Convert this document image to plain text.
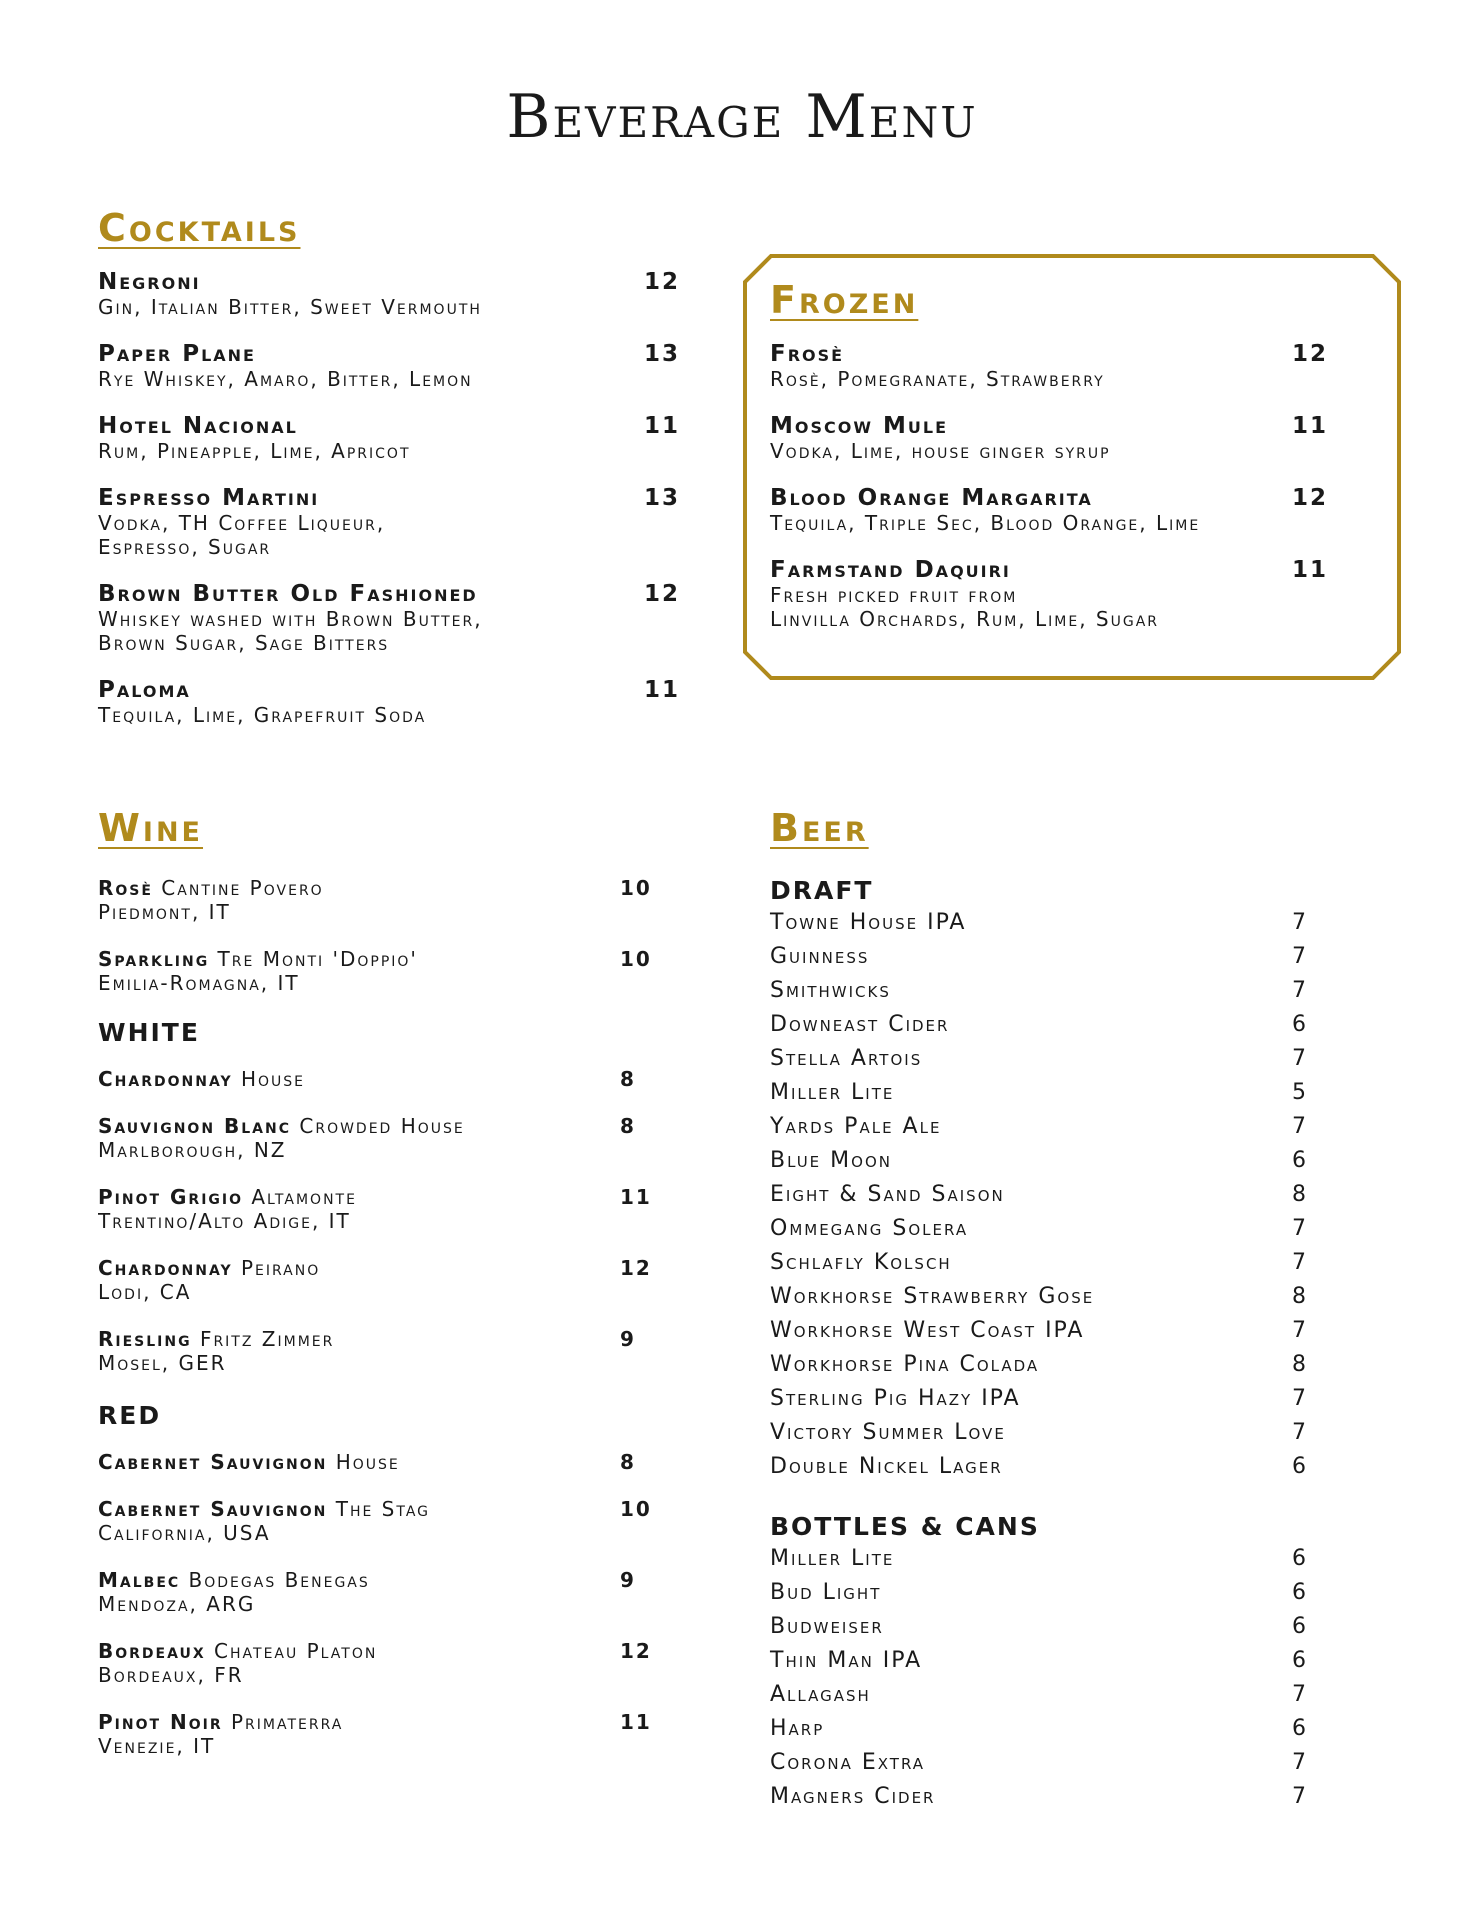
Beverage Menu
Cocktails
Negroni
Gin, Italian Bitter, Sweet Vermouth
12
Paper Plane
Rye Whiskey, Amaro, Bitter, Lemon
13
Hotel Nacional
Rum, Pineapple, Lime, Apricot
11
Espresso Martini
Vodka, TH Coffee Liqueur,
Espresso, Sugar
13
Brown Butter Old Fashioned
Whiskey washed with Brown Butter,
Brown Sugar, Sage Bitters
12
Paloma
Tequila, Lime, Grapefruit Soda
11
Frozen
Frosè
Rosè, Pomegranate, Strawberry
12
Moscow Mule
Vodka, Lime, house ginger syrup
11
Blood Orange Margarita
Tequila, Triple Sec, Blood Orange, Lime
12
Farmstand Daquiri
Fresh picked fruit from
Linvilla Orchards, Rum, Lime, Sugar
11
Wine
Rosè Cantine Povero
Piedmont, IT
10
Sparkling Tre Monti 'Doppio'
Emilia-Romagna, IT
10
WHITE
Chardonnay House	8
Sauvignon Blanc Crowded House
Marlborough, NZ
8
Pinot Grigio Altamonte
Trentino/Alto Adige, IT
11
Chardonnay Peirano
Lodi, CA
12
Riesling Fritz Zimmer
Mosel, GER
9
RED
Cabernet Sauvignon House	8
Cabernet Sauvignon The Stag
California, USA
10
Malbec Bodegas Benegas
Mendoza, ARG
9
Bordeaux Chateau Platon
Bordeaux, FR
12
Pinot Noir Primaterra
Venezie, IT
11
Beer
DRAFT
Towne House IPA	7
Guinness	7
Smithwicks	7
Downeast Cider	6
Stella Artois	7
Miller Lite	5
Yards Pale Ale	7
Blue Moon	6
Eight & Sand Saison	8
Ommegang Solera	7
Schlafly Kolsch	7
Workhorse Strawberry Gose	8
Workhorse West Coast IPA	7
Workhorse Pina Colada	8
Sterling Pig Hazy IPA	7
Victory Summer Love	7
Double Nickel Lager	6
BOTTLES & CANS
Miller Lite	6
Bud Light	6
Budweiser	6
Thin Man IPA	6
Allagash	7
Harp	6
Corona Extra	7
Magners Cider	7
